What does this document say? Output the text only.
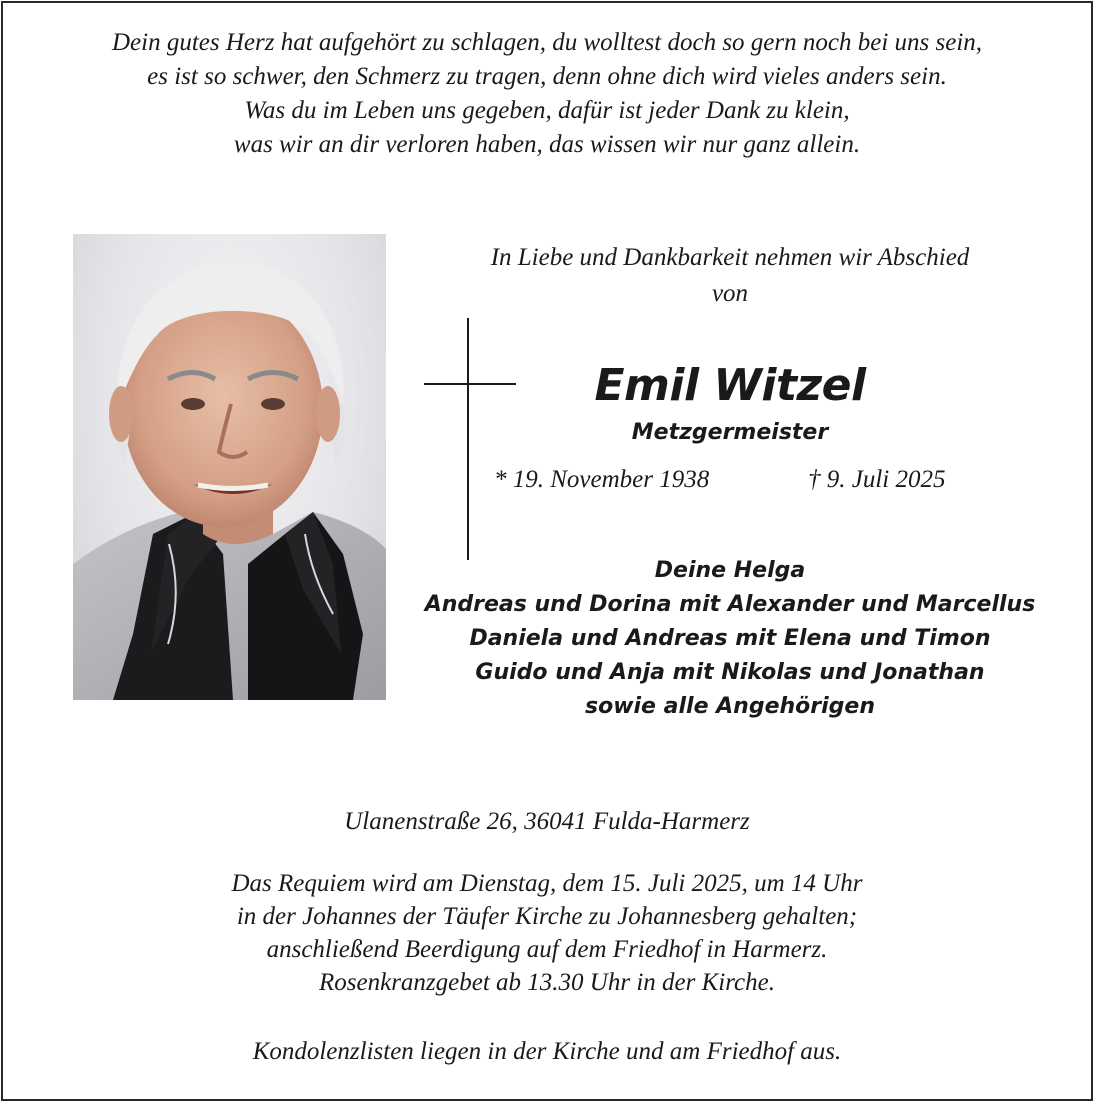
Dein gutes Herz hat aufgehört zu schlagen, du wolltest doch so gern noch bei uns sein,
es ist so schwer, den Schmerz zu tragen, denn ohne dich wird vieles anders sein.
Was du im Leben uns gegeben, dafür ist jeder Dank zu klein,
was wir an dir verloren haben, das wissen wir nur ganz allein.
In Liebe und Dankbarkeit nehmen wir Abschied
von
Emil Witzel
Metzgermeister
* 19. November 1938	† 9. Juli 2025
Deine Helga
Andreas und Dorina mit Alexander und Marcellus
Daniela und Andreas mit Elena und Timon
Guido und Anja mit Nikolas und Jonathan
sowie alle Angehörigen
Ulanenstraße 26, 36041 Fulda-Harmerz
Das Requiem wird am Dienstag, dem 15. Juli 2025, um 14 Uhr
in der Johannes der Täufer Kirche zu Johannesberg gehalten;
anschließend Beerdigung auf dem Friedhof in Harmerz.
Rosenkranzgebet ab 13.30 Uhr in der Kirche.
Kondolenzlisten liegen in der Kirche und am Friedhof aus.
